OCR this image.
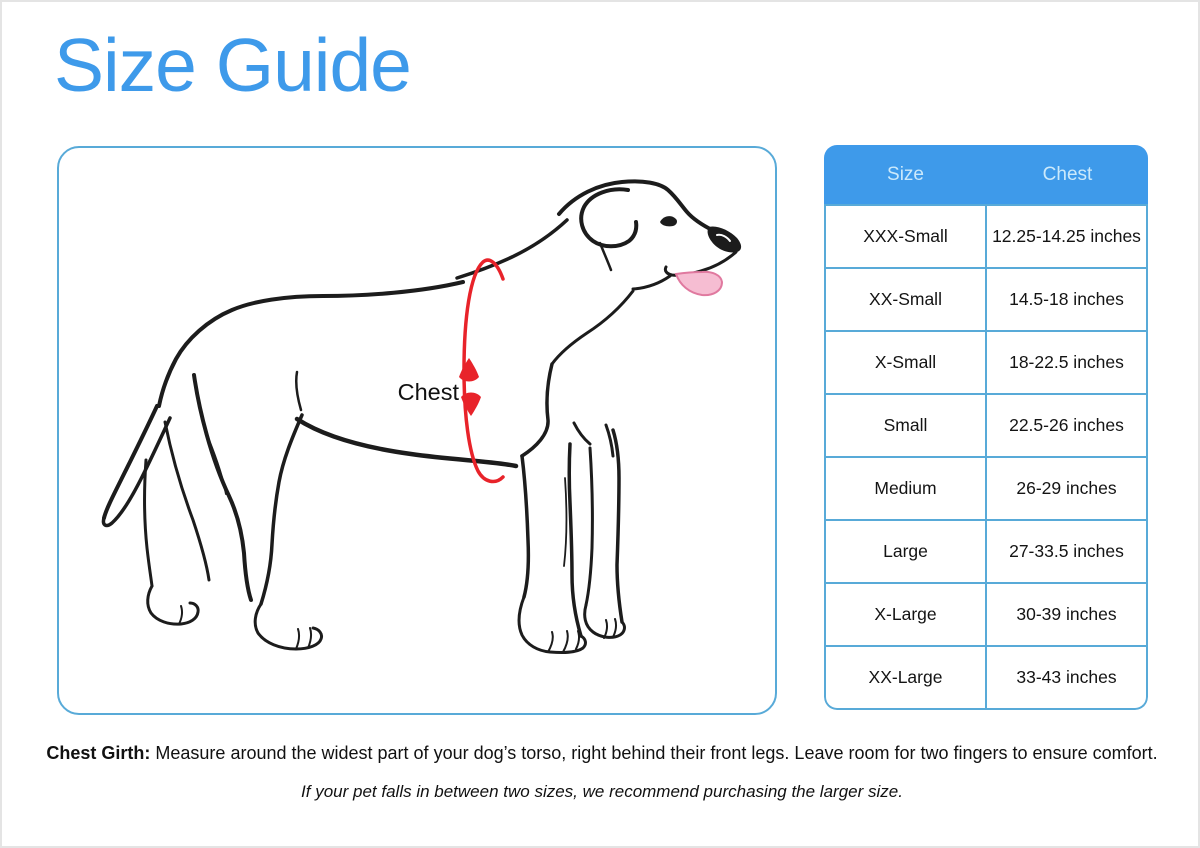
Size Guide
Chest
Size	Chest
XXX-Small	12.25-14.25 inches
XX-Small	14.5-18 inches
X-Small	18-22.5 inches
Small	22.5-26 inches
Medium	26-29 inches
Large	27-33.5 inches
X-Large	30-39 inches
XX-Large	33-43 inches
Chest Girth: Measure around the widest part of your dog’s torso, right behind their front legs. Leave room for two fingers to ensure comfort.
If your pet falls in between two sizes, we recommend purchasing the larger size.
